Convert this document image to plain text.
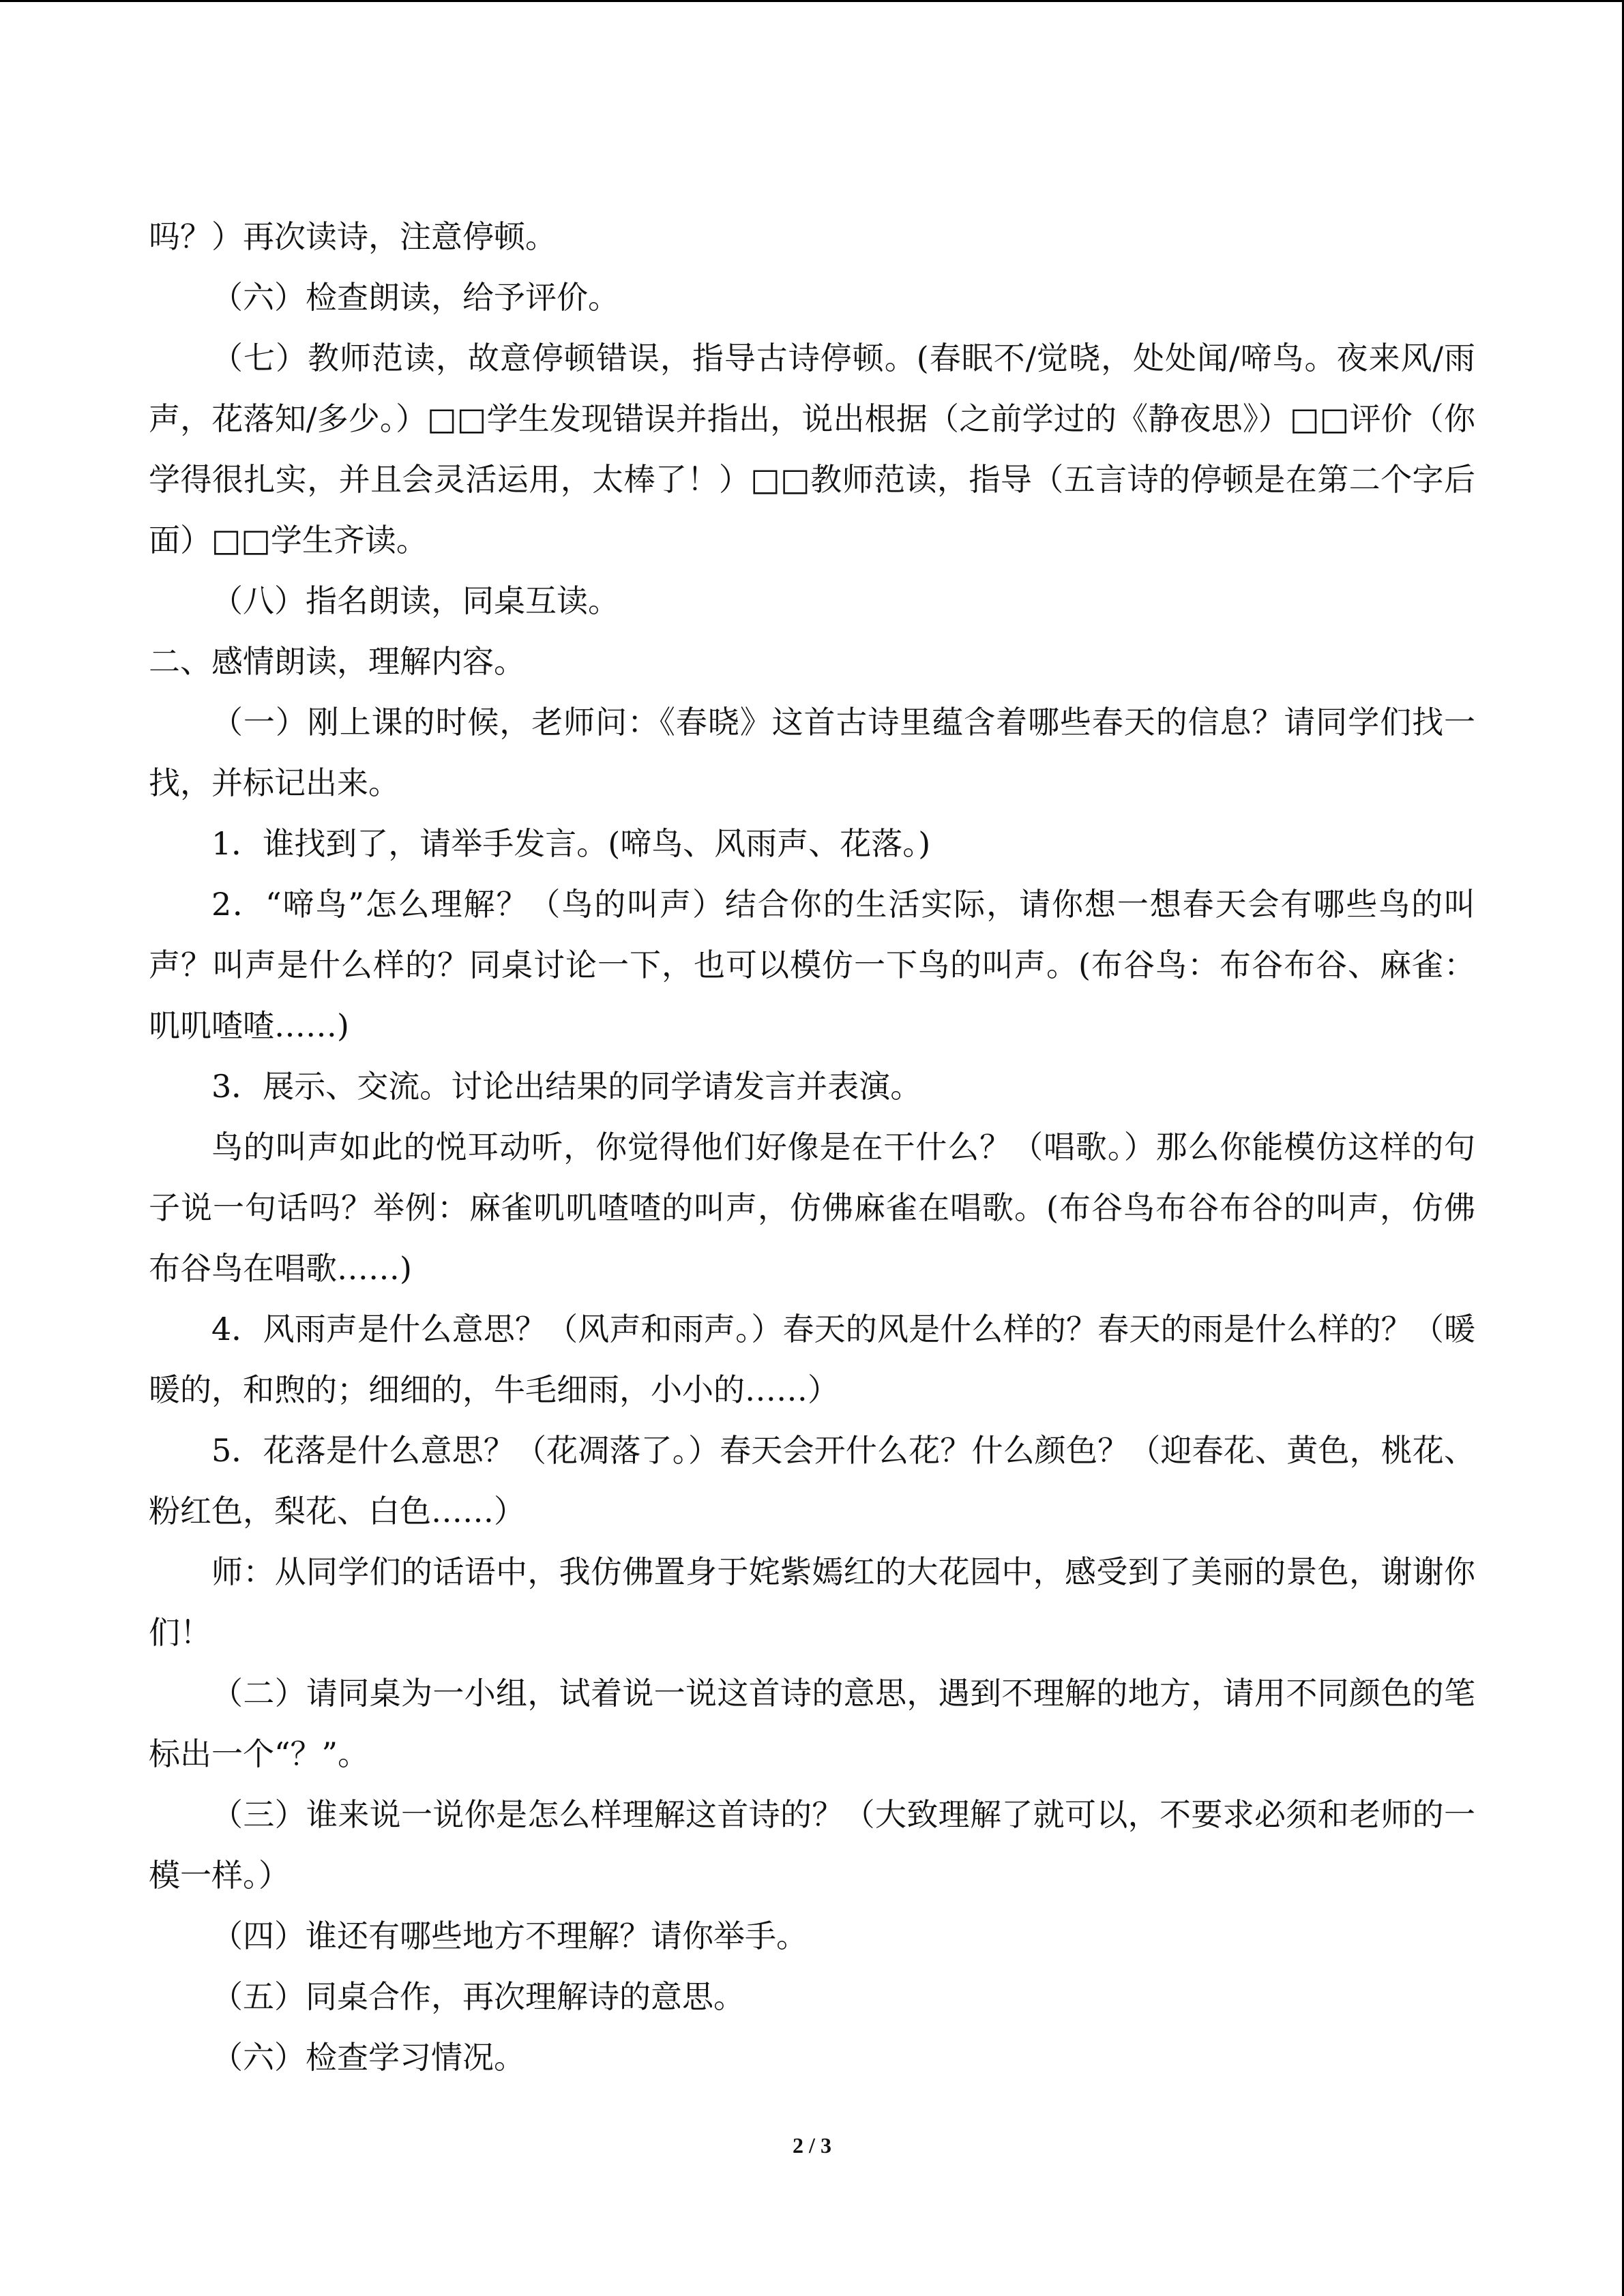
吗？）再次读诗，注意停顿。

（六）检查朗读，给予评价。

（七）教师范读，故意停顿错误，指导古诗停顿。(春眠不/觉晓，处处闻/啼鸟。夜来风/雨声，花落知/多少。）□□学生发现错误并指出，说出根据（之前学过的《静夜思》）□□评价（你学得很扎实，并且会灵活运用，太棒了！）□□教师范读，指导（五言诗的停顿是在第二个字后面）□□学生齐读。

（八）指名朗读，同桌互读。

二、感情朗读，理解内容。

（一）刚上课的时候，老师问：《春晓》这首古诗里蕴含着哪些春天的信息？请同学们找一找，并标记出来。

1．谁找到了，请举手发言。(啼鸟、风雨声、花落。)

2．“啼鸟”怎么理解？（鸟的叫声）结合你的生活实际，请你想一想春天会有哪些鸟的叫声？叫声是什么样的？同桌讨论一下，也可以模仿一下鸟的叫声。(布谷鸟：布谷布谷、麻雀：叽叽喳喳……)

3．展示、交流。讨论出结果的同学请发言并表演。

鸟的叫声如此的悦耳动听，你觉得他们好像是在干什么？（唱歌。）那么你能模仿这样的句子说一句话吗？举例：麻雀叽叽喳喳的叫声，仿佛麻雀在唱歌。(布谷鸟布谷布谷的叫声，仿佛布谷鸟在唱歌……)

4．风雨声是什么意思？（风声和雨声。）春天的风是什么样的？春天的雨是什么样的？（暖暖的，和煦的；细细的，牛毛细雨，小小的……）

5．花落是什么意思？（花凋落了。）春天会开什么花？什么颜色？（迎春花、黄色，桃花、粉红色，梨花、白色……）

师：从同学们的话语中，我仿佛置身于姹紫嫣红的大花园中，感受到了美丽的景色，谢谢你们！

（二）请同桌为一小组，试着说一说这首诗的意思，遇到不理解的地方，请用不同颜色的笔标出一个“？”。

（三）谁来说一说你是怎么样理解这首诗的？（大致理解了就可以，不要求必须和老师的一模一样。）

（四）谁还有哪些地方不理解？请你举手。

（五）同桌合作，再次理解诗的意思。

（六）检查学习情况。

2 / 3
